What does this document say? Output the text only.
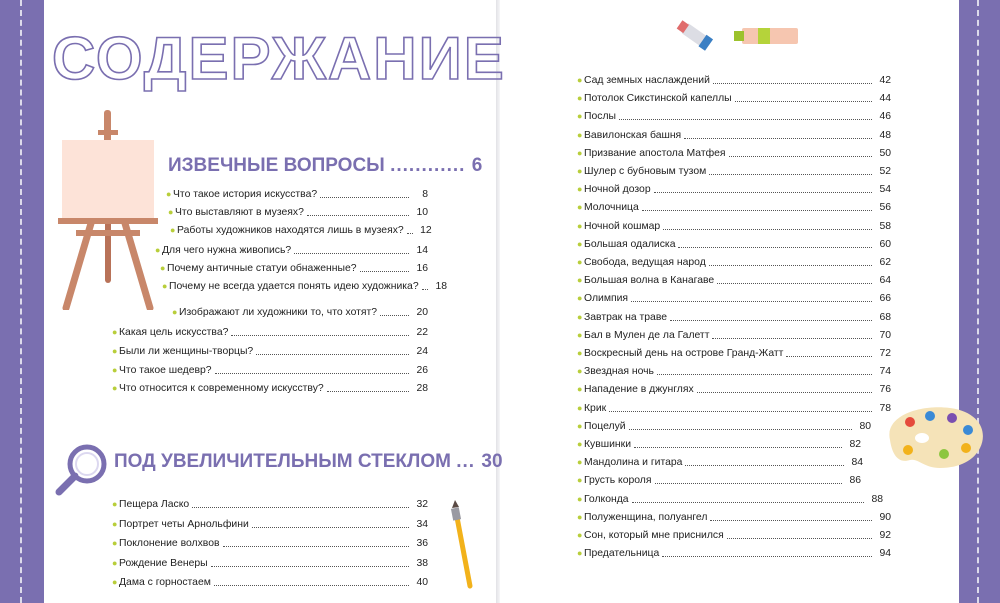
СОДЕРЖАНИЕ
ИЗВЕЧНЫЕ ВОПРОСЫ ............ 6
● Что такое история искусства?	8
● Что выставляют в музеях?	10
● Работы художников находятся лишь в музеях?	12
● Для чего нужна живопись?	14
● Почему античные статуи обнаженные?	16
● Почему не всегда удается понять идею художника?	18
● Изображают ли художники то, что хотят?	20
● Какая цель искусства?	22
● Были ли женщины-творцы?	24
● Что такое шедевр?	26
● Что относится к современному искусству?	28
ПОД УВЕЛИЧИТЕЛЬНЫМ СТЕКЛОМ ... 30
● Пещера Ласко	32
● Портрет четы Арнольфини	34
● Поклонение волхвов	36
● Рождение Венеры	38
● Дама с горностаем	40
● Сад земных наслаждений	42
● Потолок Сикстинской капеллы	44
● Послы	46
● Вавилонская башня	48
● Призвание апостола Матфея	50
● Шулер с бубновым тузом	52
● Ночной дозор	54
● Молочница	56
● Ночной кошмар	58
● Большая одалиска	60
● Свобода, ведущая народ	62
● Большая волна в Канагаве	64
● Олимпия	66
● Завтрак на траве	68
● Бал в Мулен де ла Галетт	70
● Воскресный день на острове Гранд-Жатт	72
● Звездная ночь	74
● Нападение в джунглях	76
● Крик	78
● Поцелуй	80
● Кувшинки	82
● Мандолина и гитара	84
● Грусть короля	86
● Голконда	88
● Полуженщина, полуангел	90
● Сон, который мне приснился	92
● Предательница	94
